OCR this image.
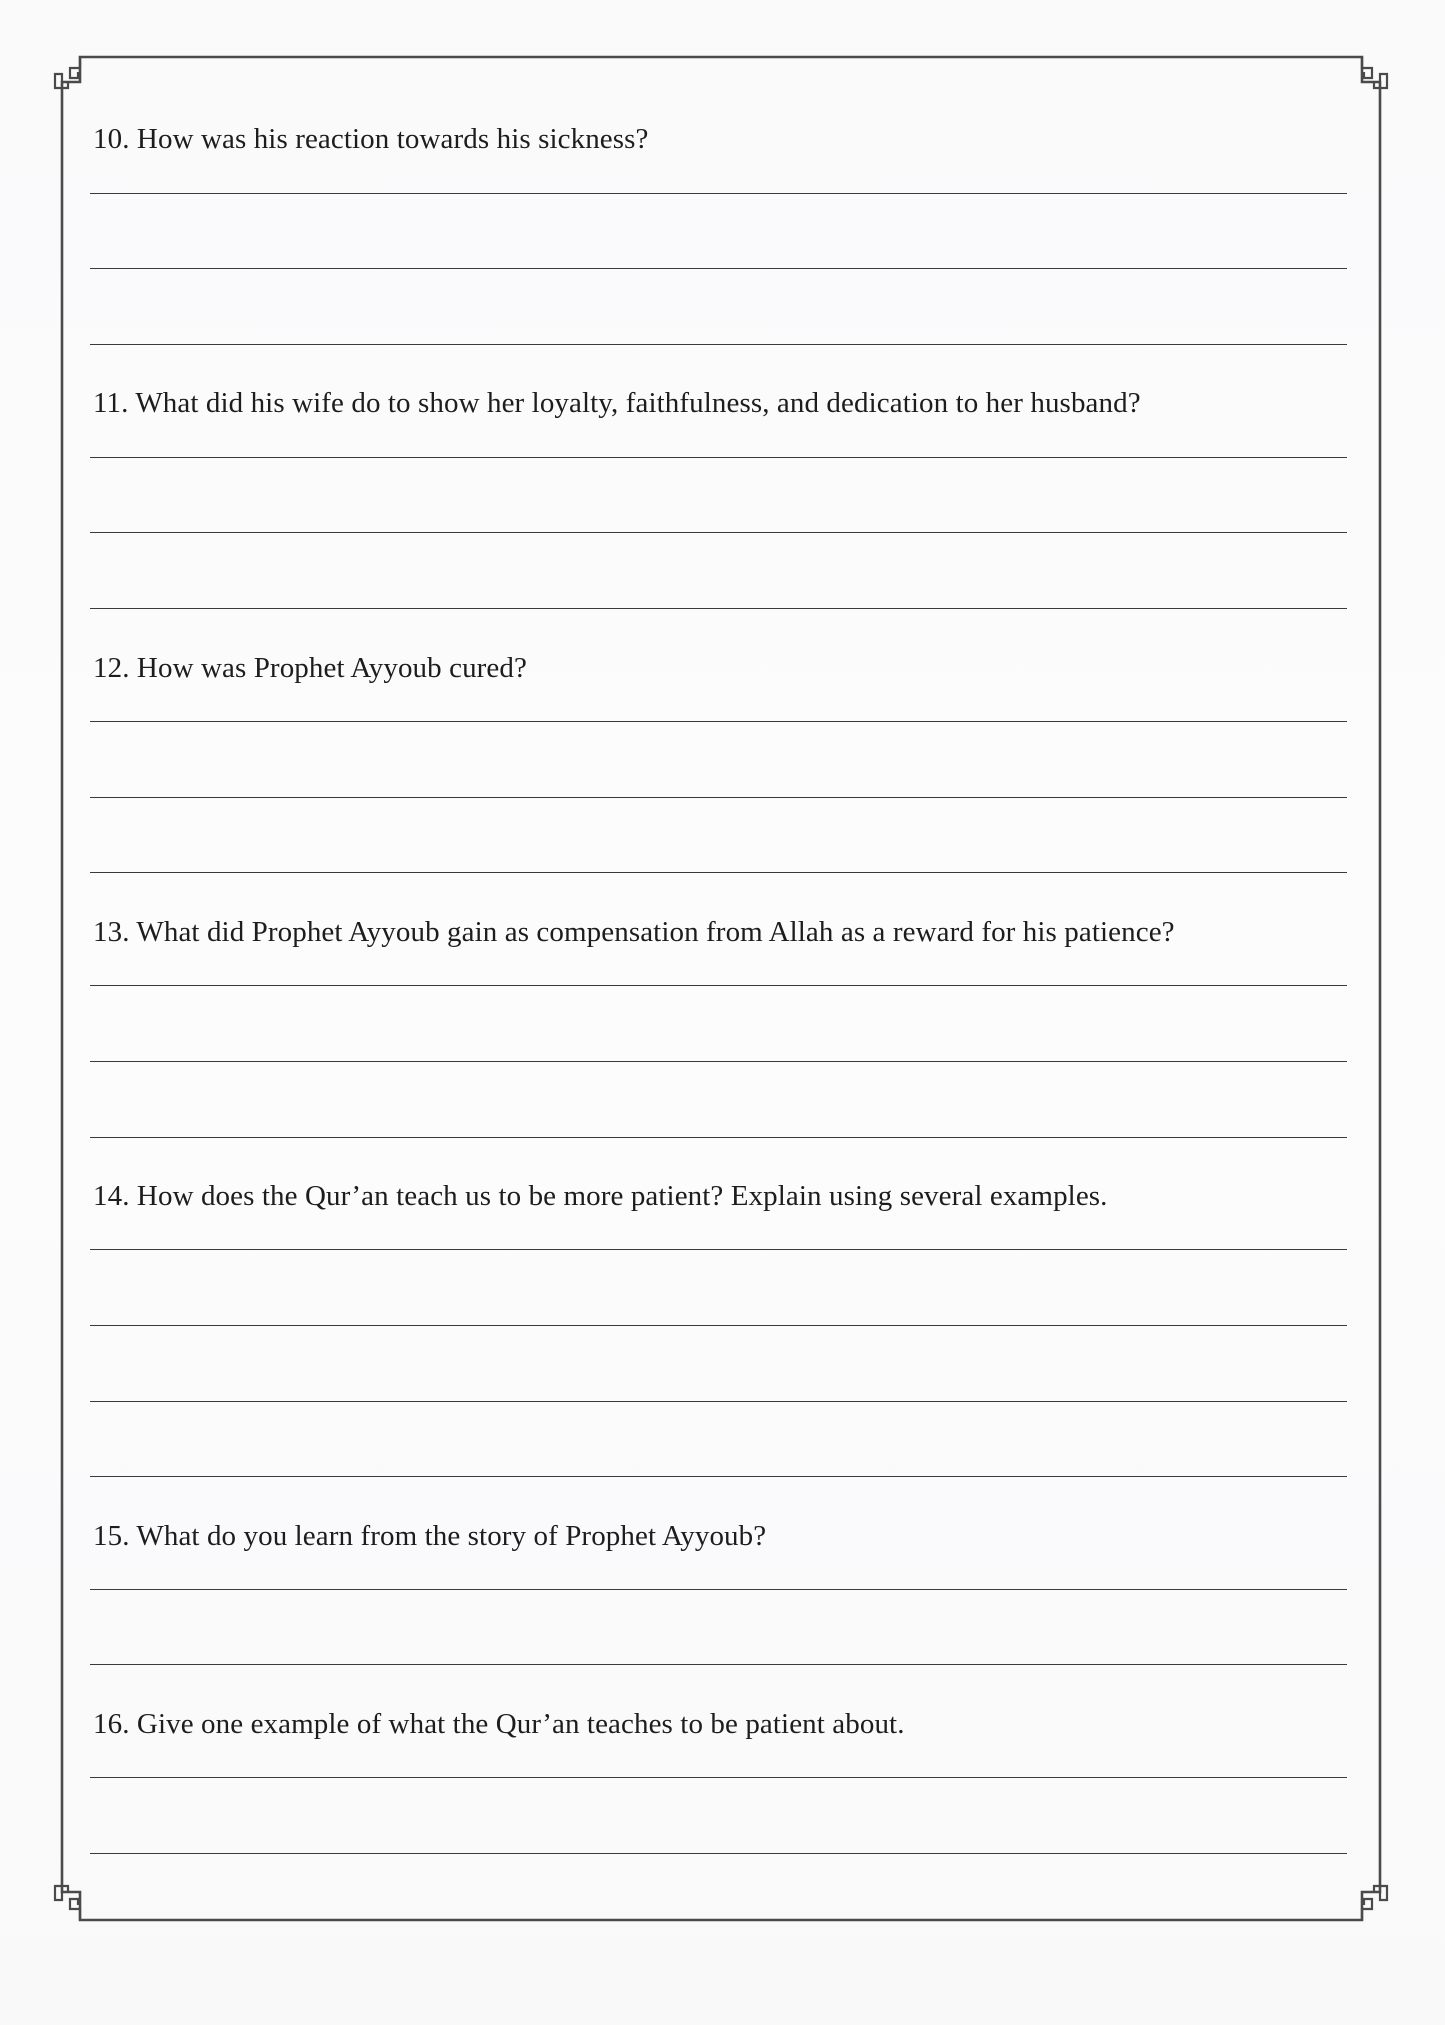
10. How was his reaction towards his sickness?

11. What did his wife do to show her loyalty, faithfulness, and dedication to her husband?

12. How was Prophet Ayyoub cured?

13. What did Prophet Ayyoub gain as compensation from Allah as a reward for his patience?

14. How does the Qur’an teach us to be more patient? Explain using several examples.

15. What do you learn from the story of Prophet Ayyoub?

16. Give one example of what the Qur’an teaches to be patient about.
